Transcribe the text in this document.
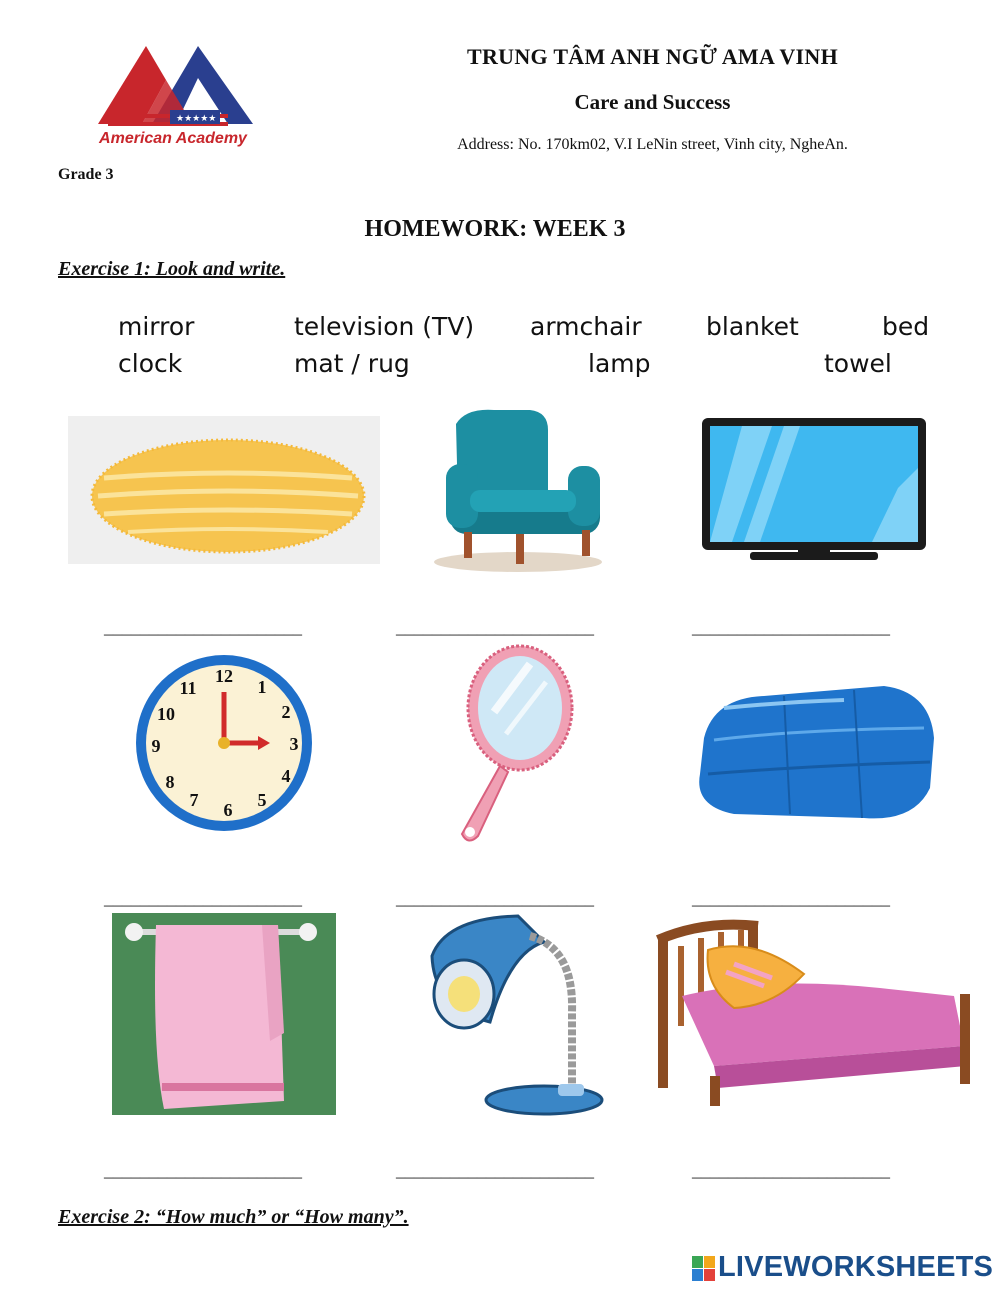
★★★★★
American Academy
TRUNG TÂM ANH NGỮ AMA VINH
Care and Success
Address: No. 170km02, V.I LeNin street, Vinh city, NgheAn.
Grade 3
HOMEWORK: WEEK 3
Exercise 1: Look and write.
mirror	television (TV) armchair	blanket	bed
clock	mat / rug	lamp	towel
______________________	______________________	______________________
12
1
2
3
4
5
6
7
8
9
10
11
______________________	______________________	______________________
______________________	______________________	______________________
Exercise 2: “How much” or “How many”.
LIVEWORKSHEETS
